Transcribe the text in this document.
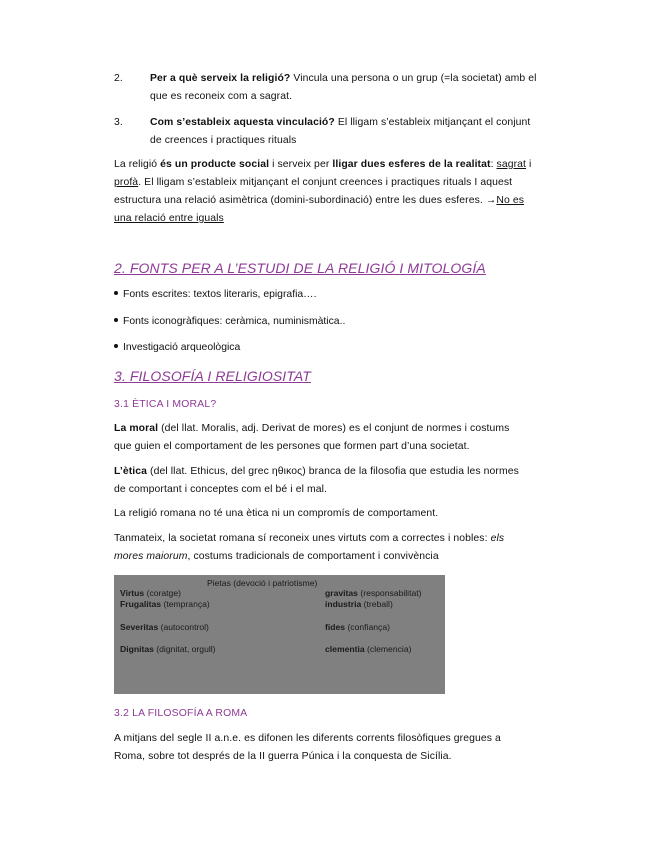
2.	Per a què serveix la religió? Vincula una persona o un grup (=la societat) amb el
que es reconeix com a sagrat.
3.	Com s’estableix aquesta vinculació? El lligam s’estableix mitjançant el conjunt
de creences i practiques rituals
La religió és un producte social i serveix per lligar dues esferes de la realitat: sagrat i
profà. El lligam s’estableix mitjançant el conjunt creences i practiques rituals I aquest
estructura una relació asimètrica (domini-subordinació) entre les dues esferes. →No es
una relació entre iguals
2. FONTS PER A L’ESTUDI DE LA RELIGIÓ I MITOLOGÍA
Fonts escrites: textos literaris, epigrafia….
Fonts iconogràfiques: ceràmica, numinismàtica..
Investigació arqueològica
3. FILOSOFÍA I RELIGIOSITAT
3.1 ÈTICA I MORAL?
La moral (del llat. Moralis, adj. Derivat de mores) es el conjunt de normes i costums
que guien el comportament de les persones que formen part d’una societat.
L’ètica (del llat. Ethicus, del grec ηθικος) branca de la filosofia que estudia les normes
de comportant i conceptes com el bé i el mal.
La religió romana no té una ètica ni un compromís de comportament.
Tanmateix, la societat romana sí reconeix unes virtuts com a correctes i nobles: els
mores maiorum, costums tradicionals de comportament i convivència
Pietas (devoció i patriotisme)
Virtus (coratge)
Frugalitas (temprança)
Severitas (autocontrol)
Dignitas (dignitat, orgull)
gravitas (responsabilitat)
industria (treball)
fides (confiança)
clementia (clemencia)
3.2 LA FILOSOFÍA A ROMA
A mitjans del segle II a.n.e. es difonen les diferents corrents filosòfiques gregues a
Roma, sobre tot després de la II guerra Púnica i la conquesta de Sicília.
